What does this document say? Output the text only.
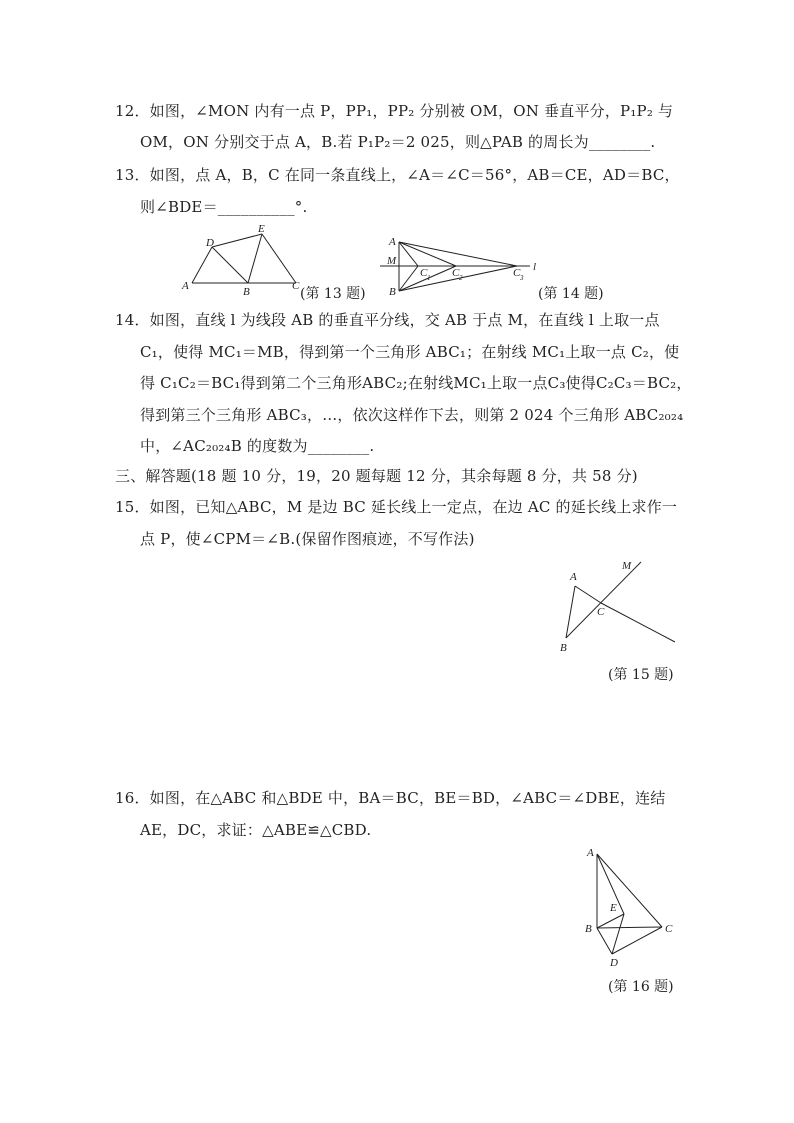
12．如图，∠MON 内有一点 P，PP₁，PP₂ 分别被 OM，ON 垂直平分，P₁P₂ 与
OM，ON 分别交于点 A，B.若 P₁P₂＝2 025，则△PAB 的周长为________.
13．如图，点 A，B，C 在同一条直线上，∠A＝∠C＝56°，AB＝CE，AD＝BC，
则∠BDE＝__________°.
A	B	C
D
E
(第 13 题)
A
M
B
C 1 C 2	C 3
l
(第 14 题)
14．如图，直线 l 为线段 AB 的垂直平分线，交 AB 于点 M，在直线 l 上取一点
C₁，使得 MC₁＝MB，得到第一个三角形 ABC₁；在射线 MC₁上取一点 C₂，使
得 C₁C₂＝BC₁得到第二个三角形ABC₂;在射线MC₁上取一点C₃使得C₂C₃＝BC₂，
得到第三个三角形 ABC₃，…，依次这样作下去，则第 2 024 个三角形 ABC₂₀₂₄
中，∠AC₂₀₂₄B 的度数为________.
三、解答题(18 题 10 分，19，20 题每题 12 分，其余每题 8 分，共 58 分)
15．如图，已知△ABC，M 是边 BC 延长线上一定点，在边 AC 的延长线上求作一
点 P，使∠CPM＝∠B.(保留作图痕迹，不写作法)
A
B
C
M
(第 15 题)
16．如图，在△ABC 和△BDE 中，BA＝BC，BE＝BD，∠ABC＝∠DBE，连结
AE，DC，求证：△ABE≌△CBD.
A
B	C
D
E
(第 16 题)
